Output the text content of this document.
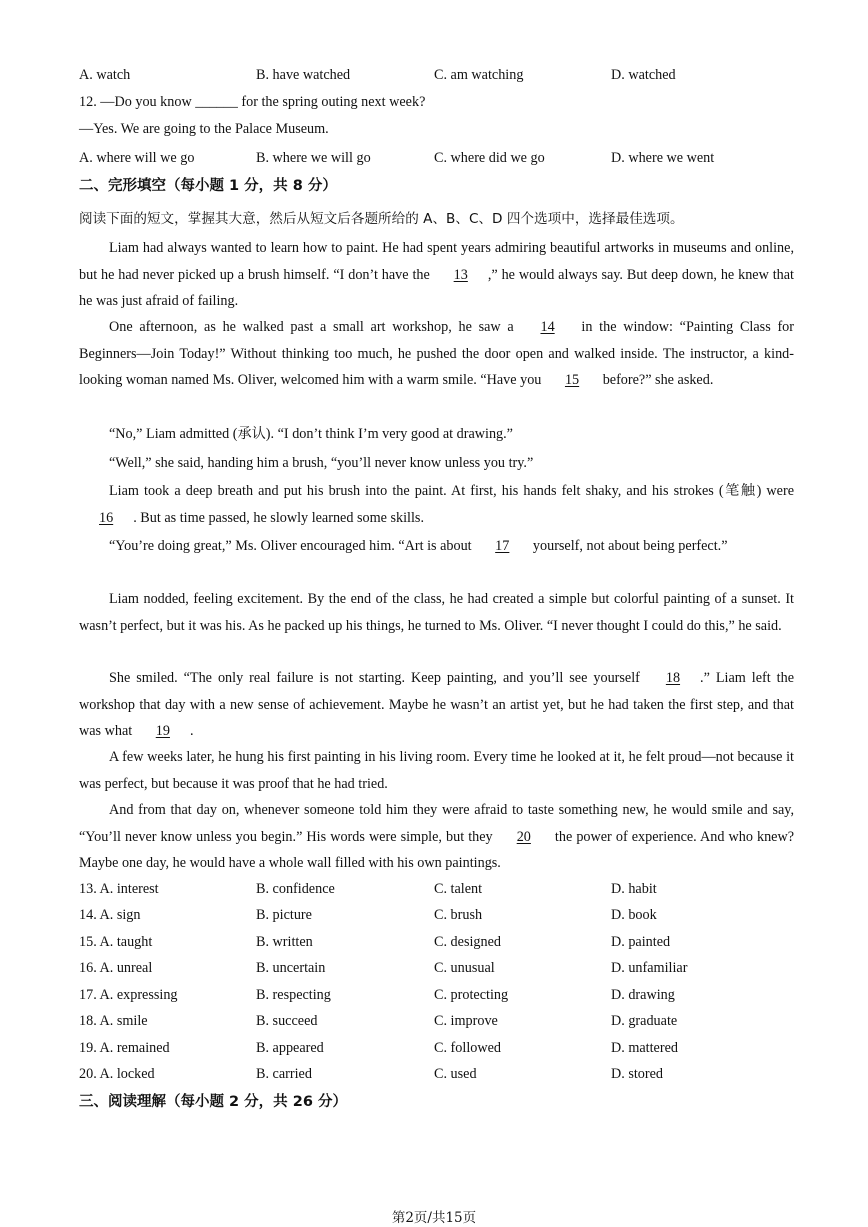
A. watch	B. have watched	C. am watching	D. watched
12. —Do you know ______ for the spring outing next week?
—Yes. We are going to the Palace Museum.
A. where will we go	B. where we will go	C. where did we go	D. where we went
二、完形填空（每小题 1 分，共 8 分）
阅读下面的短文，掌握其大意，然后从短文后各题所给的 A、B、C、D 四个选项中，选择最佳选项。
Liam had always wanted to learn how to paint. He had spent years admiring beautiful artworks in museums and online, but he had never picked up a brush himself. “I don’t have the 13 ,” he would always say. But deep down, he knew that he was just afraid of failing.
One afternoon, as he walked past a small art workshop, he saw a 14 in the window: “Painting Class for Beginners—Join Today!” Without thinking too much, he pushed the door open and walked inside. The instructor, a kind-looking woman named Ms. Oliver, welcomed him with a warm smile. “Have you 15 before?” she asked.
“No,” Liam admitted (承认). “I don’t think I’m very good at drawing.”
“Well,” she said, handing him a brush, “you’ll never know unless you try.”
Liam took a deep breath and put his brush into the paint. At first, his hands felt shaky, and his strokes (笔触) were 16 . But as time passed, he slowly learned some skills.
“You’re doing great,” Ms. Oliver encouraged him. “Art is about 17 yourself, not about being perfect.”
Liam nodded, feeling excitement. By the end of the class, he had created a simple but colorful painting of a sunset. It wasn’t perfect, but it was his. As he packed up his things, he turned to Ms. Oliver. “I never thought I could do this,” he said.
She smiled. “The only real failure is not starting. Keep painting, and you’ll see yourself 18 .” Liam left the workshop that day with a new sense of achievement. Maybe he wasn’t an artist yet, but he had taken the first step, and that was what 19 .
A few weeks later, he hung his first painting in his living room. Every time he looked at it, he felt proud—not because it was perfect, but because it was proof that he had tried.
And from that day on, whenever someone told him they were afraid to taste something new, he would smile and say, “You’ll never know unless you begin.” His words were simple, but they 20 the power of experience. And who knew? Maybe one day, he would have a whole wall filled with his own paintings.
13. A. interest	B. confidence	C. talent	D. habit
14. A. sign	B. picture	C. brush	D. book
15. A. taught	B. written	C. designed	D. painted
16. A. unreal	B. uncertain	C. unusual	D. unfamiliar
17. A. expressing	B. respecting	C. protecting	D. drawing
18. A. smile	B. succeed	C. improve	D. graduate
19. A. remained	B. appeared	C. followed	D. mattered
20. A. locked	B. carried	C. used	D. stored
三、阅读理解（每小题 2 分，共 26 分）
第2页/共15页
